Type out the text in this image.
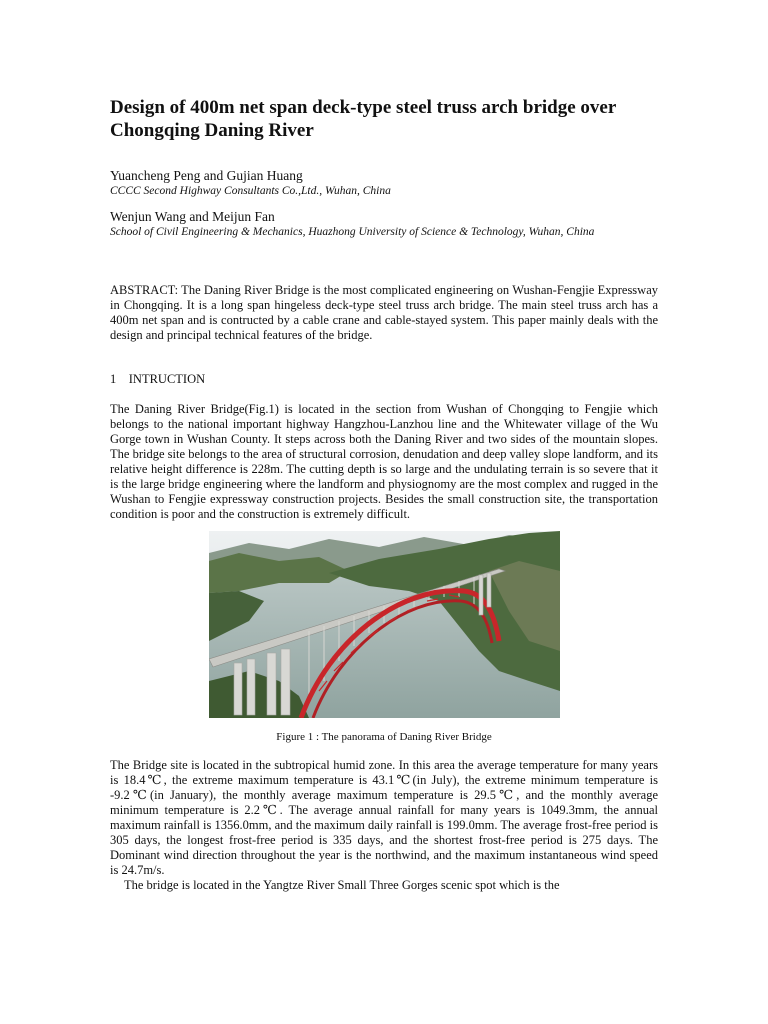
Design of 400m net span deck-type steel truss arch bridge over Chongqing Daning River

Yuancheng Peng and Gujian Huang

CCCC Second Highway Consultants Co.,Ltd., Wuhan, China

Wenjun Wang and Meijun Fan

School of Civil Engineering & Mechanics, Huazhong University of Science & Technology, Wuhan, China

ABSTRACT: The Daning River Bridge is the most complicated engineering on Wushan-Fengjie Expressway in Chongqing. It is a long span hingeless deck-type steel truss arch bridge. The main steel truss arch has a 400m net span and is contructed by a cable crane and cable-stayed system. This paper mainly deals with the design and principal technical features of the bridge.
1    INTRUCTION
The Daning River Bridge(Fig.1) is located in the section from Wushan of Chongqing to Fengjie which belongs to the national important highway Hangzhou-Lanzhou line and the Whitewater village of the Wu Gorge town in Wushan County. It steps across both the Daning River and two sides of the mountain slopes. The bridge site belongs to the area of structural corrosion, denudation and deep valley slope landform, and its relative height difference is 228m. The cutting depth is so large and the undulating terrain is so severe that it is the large bridge engineering where the landform and physiognomy are the most complex and rugged in the Wushan to Fengjie expressway construction projects. Besides the small construction site, the transportation condition is poor and the construction is extremely difficult.
Figure 1 : The panorama of Daning River Bridge
The Bridge site is located in the subtropical humid zone. In this area the average temperature for many years is 18.4℃, the extreme maximum temperature is 43.1℃(in July), the extreme minimum temperature is -9.2℃(in January), the monthly average maximum temperature is 29.5℃, and the monthly average minimum temperature is 2.2℃. The average annual rainfall for many years is 1049.3mm, the annual maximum rainfall is 1356.0mm, and the maximum daily rainfall is 199.0mm. The average frost-free period is 305 days, the longest frost-free period is 335 days, and the shortest frost-free period is 275 days. The Dominant wind direction throughout the year is the northwind, and the maximum instantaneous wind speed is 24.7m/s.
The bridge is located in the Yangtze River Small Three Gorges scenic spot which is the
